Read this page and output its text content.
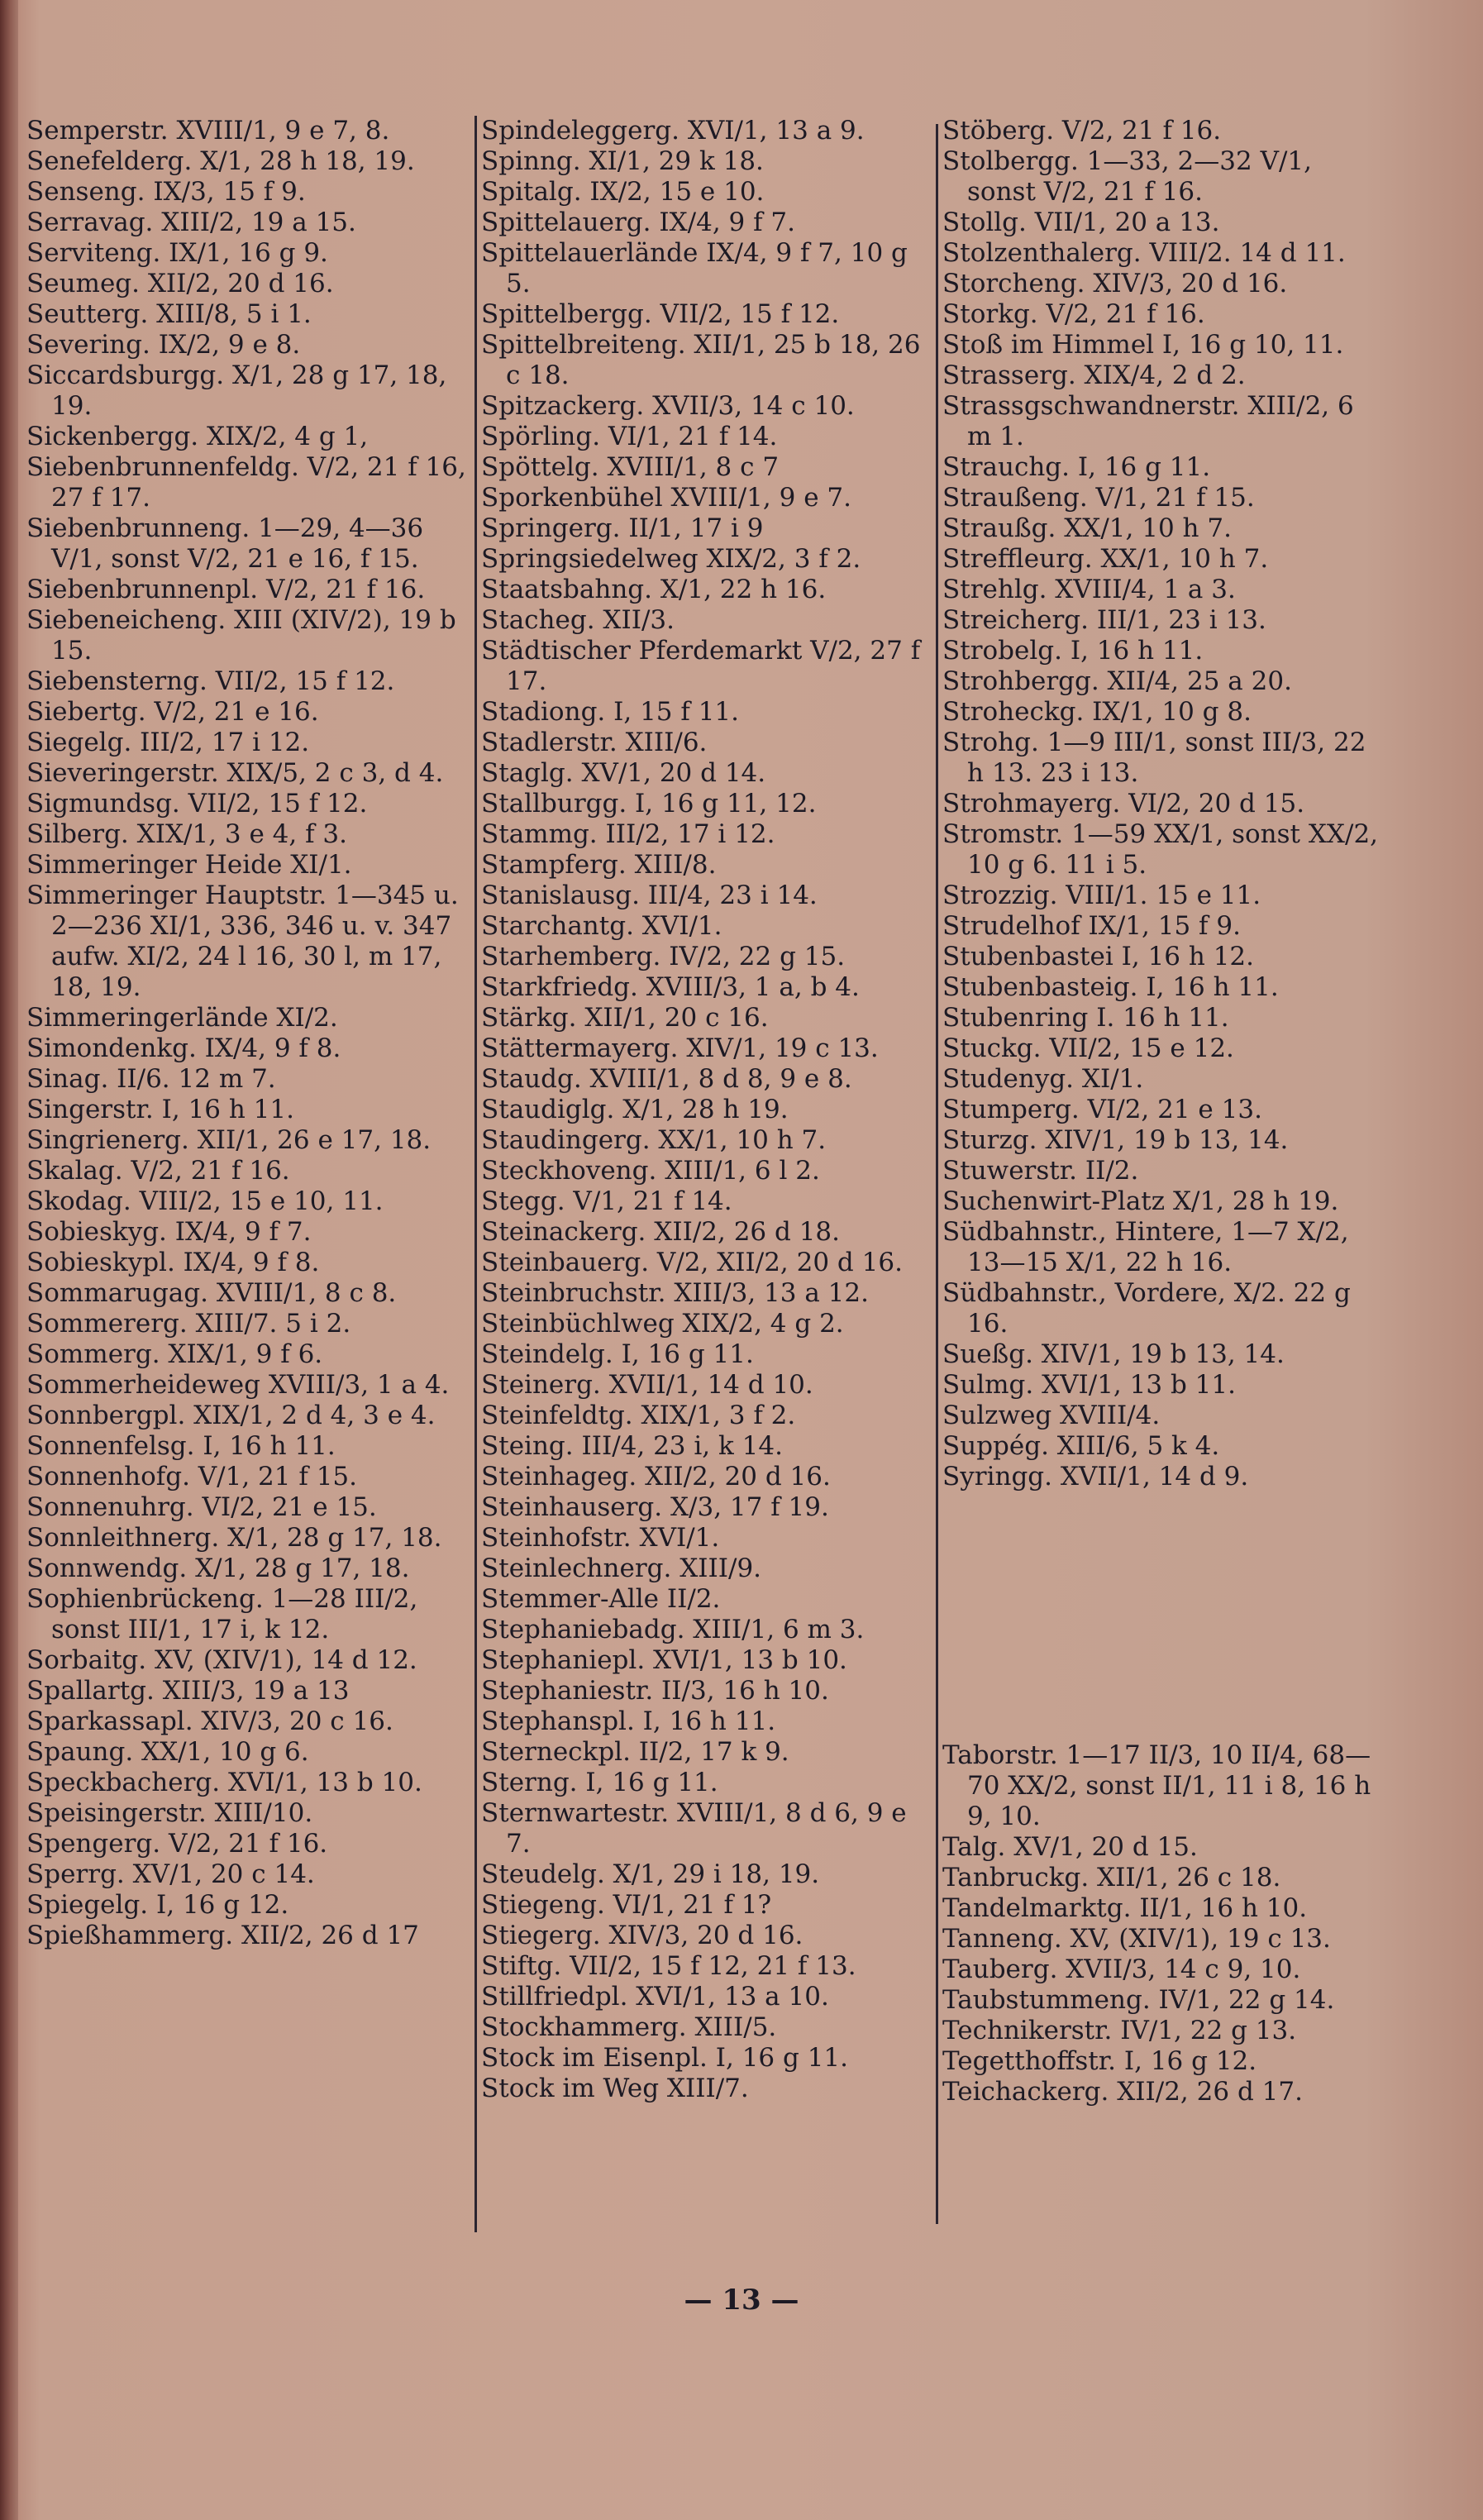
Semperstr. XVIII/1, 9 e 7, 8.

Senefelderg. X/1, 28 h 18, 19.

Senseng. IX/3, 15 f 9.

Serravag. XIII/2, 19 a 15.

Serviteng. IX/1, 16 g 9.

Seumeg. XII/2, 20 d 16.

Seutterg. XIII/8, 5 i 1.

Severing. IX/2, 9 e 8.

Siccardsburgg. X/1, 28 g 17, 18, 19.

Sickenbergg. XIX/2, 4 g 1,

Siebenbrunnenfeldg. V/2, 21 f 16, 27 f 17.

Siebenbrunneng. 1—29, 4—36 V/1, sonst V/2, 21 e 16, f 15.

Siebenbrunnenpl. V/2, 21 f 16.

Siebeneicheng. XIII (XIV/2), 19 b 15.

Siebensterng. VII/2, 15 f 12.

Siebertg. V/2, 21 e 16.

Siegelg. III/2, 17 i 12.

Sieveringerstr. XIX/5, 2 c 3, d 4.

Sigmundsg. VII/2, 15 f 12.

Silberg. XIX/1, 3 e 4, f 3.

Simmeringer Heide XI/1.

Simmeringer Hauptstr. 1—345 u. 2—236 XI/1, 336, 346 u. v. 347 aufw. XI/2, 24 l 16, 30 l, m 17, 18, 19.

Simmeringerlände XI/2.

Simondenkg. IX/4, 9 f 8.

Sinag. II/6. 12 m 7.

Singerstr. I, 16 h 11.

Singrienerg. XII/1, 26 e 17, 18.

Skalag. V/2, 21 f 16.

Skodag. VIII/2, 15 e 10, 11.

Sobieskyg. IX/4, 9 f 7.

Sobieskypl. IX/4, 9 f 8.

Sommarugag. XVIII/1, 8 c 8.

Sommererg. XIII/7. 5 i 2.

Sommerg. XIX/1, 9 f 6.

Sommerheideweg XVIII/3, 1 a 4.

Sonnbergpl. XIX/1, 2 d 4, 3 e 4.

Sonnenfelsg. I, 16 h 11.

Sonnenhofg. V/1, 21 f 15.

Sonnenuhrg. VI/2, 21 e 15.

Sonnleithnerg. X/1, 28 g 17, 18.

Sonnwendg. X/1, 28 g 17, 18.

Sophienbrückeng. 1—28 III/2, sonst III/1, 17 i, k 12.

Sorbaitg. XV, (XIV/1), 14 d 12.

Spallartg. XIII/3, 19 a 13

Sparkassapl. XIV/3, 20 c 16.

Spaung. XX/1, 10 g 6.

Speckbacherg. XVI/1, 13 b 10.

Speisingerstr. XIII/10.

Spengerg. V/2, 21 f 16.

Sperrg. XV/1, 20 c 14.

Spiegelg. I, 16 g 12.

Spießhammerg. XII/2, 26 d 17

Spindeleggerg. XVI/1, 13 a 9.

Spinng. XI/1, 29 k 18.

Spitalg. IX/2, 15 e 10.

Spittelauerg. IX/4, 9 f 7.

Spittelauerlände IX/4, 9 f 7, 10 g 5.

Spittelbergg. VII/2, 15 f 12.

Spittelbreiteng. XII/1, 25 b 18, 26 c 18.

Spitzackerg. XVII/3, 14 c 10.

Spörling. VI/1, 21 f 14.

Spöttelg. XVIII/1, 8 c 7

Sporkenbühel XVIII/1, 9 e 7.

Springerg. II/1, 17 i 9

Springsiedelweg XIX/2, 3 f 2.

Staatsbahng. X/1, 22 h 16.

Stacheg. XII/3.

Städtischer Pferdemarkt V/2, 27 f 17.

Stadiong. I, 15 f 11.

Stadlerstr. XIII/6.

Staglg. XV/1, 20 d 14.

Stallburgg. I, 16 g 11, 12.

Stammg. III/2, 17 i 12.

Stampferg. XIII/8.

Stanislausg. III/4, 23 i 14.

Starchantg. XVI/1.

Starhemberg. IV/2, 22 g 15.

Starkfriedg. XVIII/3, 1 a, b 4.

Stärkg. XII/1, 20 c 16.

Stättermayerg. XIV/1, 19 c 13.

Staudg. XVIII/1, 8 d 8, 9 e 8.

Staudiglg. X/1, 28 h 19.

Staudingerg. XX/1, 10 h 7.

Steckhoveng. XIII/1, 6 l 2.

Stegg. V/1, 21 f 14.

Steinackerg. XII/2, 26 d 18.

Steinbauerg. V/2, XII/2, 20 d 16.

Steinbruchstr. XIII/3, 13 a 12.

Steinbüchlweg XIX/2, 4 g 2.

Steindelg. I, 16 g 11.

Steinerg. XVII/1, 14 d 10.

Steinfeldtg. XIX/1, 3 f 2.

Steing. III/4, 23 i, k 14.

Steinhageg. XII/2, 20 d 16.

Steinhauserg. X/3, 17 f 19.

Steinhofstr. XVI/1.

Steinlechnerg. XIII/9.

Stemmer-Alle II/2.

Stephaniebadg. XIII/1, 6 m 3.

Stephaniepl. XVI/1, 13 b 10.

Stephaniestr. II/3, 16 h 10.

Stephanspl. I, 16 h 11.

Sterneckpl. II/2, 17 k 9.

Sterng. I, 16 g 11.

Sternwartestr. XVIII/1, 8 d 6, 9 e 7.

Steudelg. X/1, 29 i 18, 19.

Stiegeng. VI/1, 21 f 1?

Stiegerg. XIV/3, 20 d 16.

Stiftg. VII/2, 15 f 12, 21 f 13.

Stillfriedpl. XVI/1, 13 a 10.

Stockhammerg. XIII/5.

Stock im Eisenpl. I, 16 g 11.

Stock im Weg XIII/7.

Stöberg. V/2, 21 f 16.

Stolbergg. 1—33, 2—32 V/1, sonst V/2, 21 f 16.

Stollg. VII/1, 20 a 13.

Stolzenthalerg. VIII/2. 14 d 11.

Storcheng. XIV/3, 20 d 16.

Storkg. V/2, 21 f 16.

Stoß im Himmel I, 16 g 10, 11.

Strasserg. XIX/4, 2 d 2.

Strassgschwandnerstr. XIII/2, 6 m 1.

Strauchg. I, 16 g 11.

Straußeng. V/1, 21 f 15.

Straußg. XX/1, 10 h 7.

Streffleurg. XX/1, 10 h 7.

Strehlg. XVIII/4, 1 a 3.

Streicherg. III/1, 23 i 13.

Strobelg. I, 16 h 11.

Strohbergg. XII/4, 25 a 20.

Stroheckg. IX/1, 10 g 8.

Strohg. 1—9 III/1, sonst III/3, 22 h 13. 23 i 13.

Strohmayerg. VI/2, 20 d 15.

Stromstr. 1—59 XX/1, sonst XX/2, 10 g 6. 11 i 5.

Strozzig. VIII/1. 15 e 11.

Strudelhof IX/1, 15 f 9.

Stubenbastei I, 16 h 12.

Stubenbasteig. I, 16 h 11.

Stubenring I. 16 h 11.

Stuckg. VII/2, 15 e 12.

Studenyg. XI/1.

Stumperg. VI/2, 21 e 13.

Sturzg. XIV/1, 19 b 13, 14.

Stuwerstr. II/2.

Suchenwirt-Platz X/1, 28 h 19.

Südbahnstr., Hintere, 1—7 X/2, 13—15 X/1, 22 h 16.

Südbahnstr., Vordere, X/2. 22 g 16.

Sueßg. XIV/1, 19 b 13, 14.

Sulmg. XVI/1, 13 b 11.

Sulzweg XVIII/4.

Suppég. XIII/6, 5 k 4.

Syringg. XVII/1, 14 d 9.

Taborstr. 1—17 II/3, 10 II/4, 68—70 XX/2, sonst II/1, 11 i 8, 16 h 9, 10.

Talg. XV/1, 20 d 15.

Tanbruckg. XII/1, 26 c 18.

Tandelmarktg. II/1, 16 h 10.

Tanneng. XV, (XIV/1), 19 c 13.

Tauberg. XVII/3, 14 c 9, 10.

Taubstummeng. IV/1, 22 g 14.

Technikerstr. IV/1, 22 g 13.

Tegetthoffstr. I, 16 g 12.

Teichackerg. XII/2, 26 d 17.

— 13 —
